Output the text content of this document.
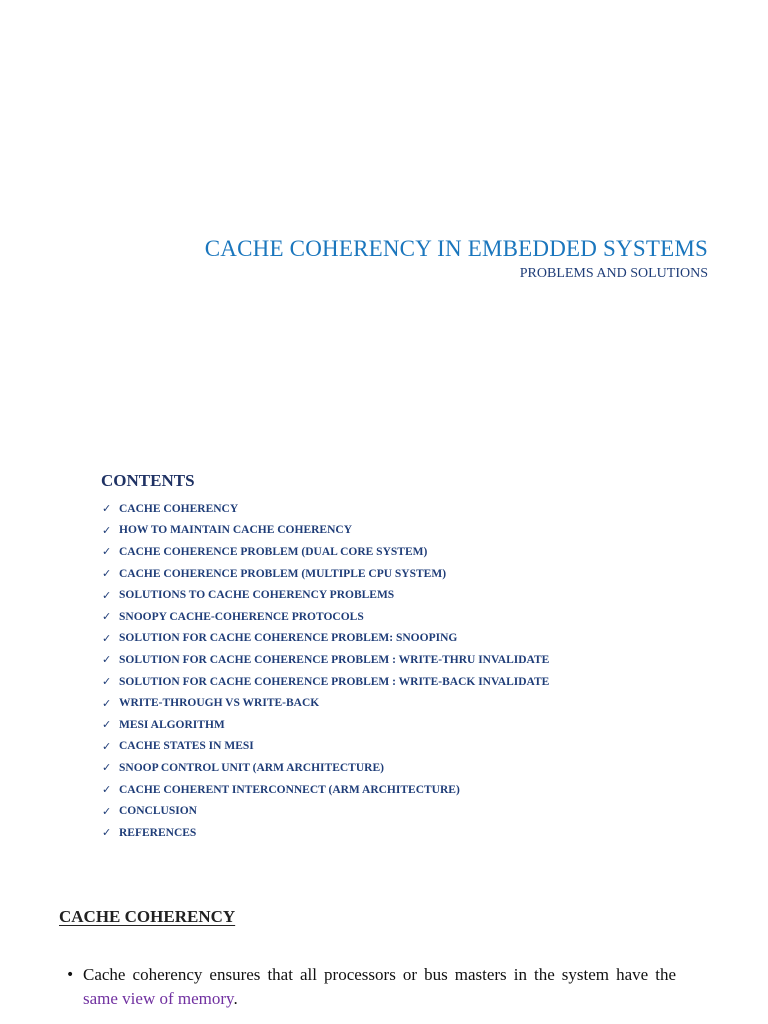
CACHE COHERENCY IN EMBEDDED SYSTEMS
PROBLEMS AND SOLUTIONS
CONTENTS
✓ CACHE COHERENCY
✓ HOW TO MAINTAIN CACHE COHERENCY
✓ CACHE COHERENCE PROBLEM (DUAL CORE SYSTEM)
✓ CACHE COHERENCE PROBLEM (MULTIPLE CPU SYSTEM)
✓ SOLUTIONS TO CACHE COHERENCY PROBLEMS
✓ SNOOPY CACHE-COHERENCE PROTOCOLS
✓ SOLUTION FOR CACHE COHERENCE PROBLEM: SNOOPING
✓ SOLUTION FOR CACHE COHERENCE PROBLEM : WRITE-THRU INVALIDATE
✓ SOLUTION FOR CACHE COHERENCE PROBLEM : WRITE-BACK INVALIDATE
✓ WRITE-THROUGH VS WRITE-BACK
✓ MESI ALGORITHM
✓ CACHE STATES IN MESI
✓ SNOOP CONTROL UNIT (ARM ARCHITECTURE)
✓ CACHE COHERENT INTERCONNECT (ARM ARCHITECTURE)
✓ CONCLUSION
✓ REFERENCES
CACHE COHERENCY
• Cache coherency ensures that all processors or bus masters in the system have the same view of memory.
